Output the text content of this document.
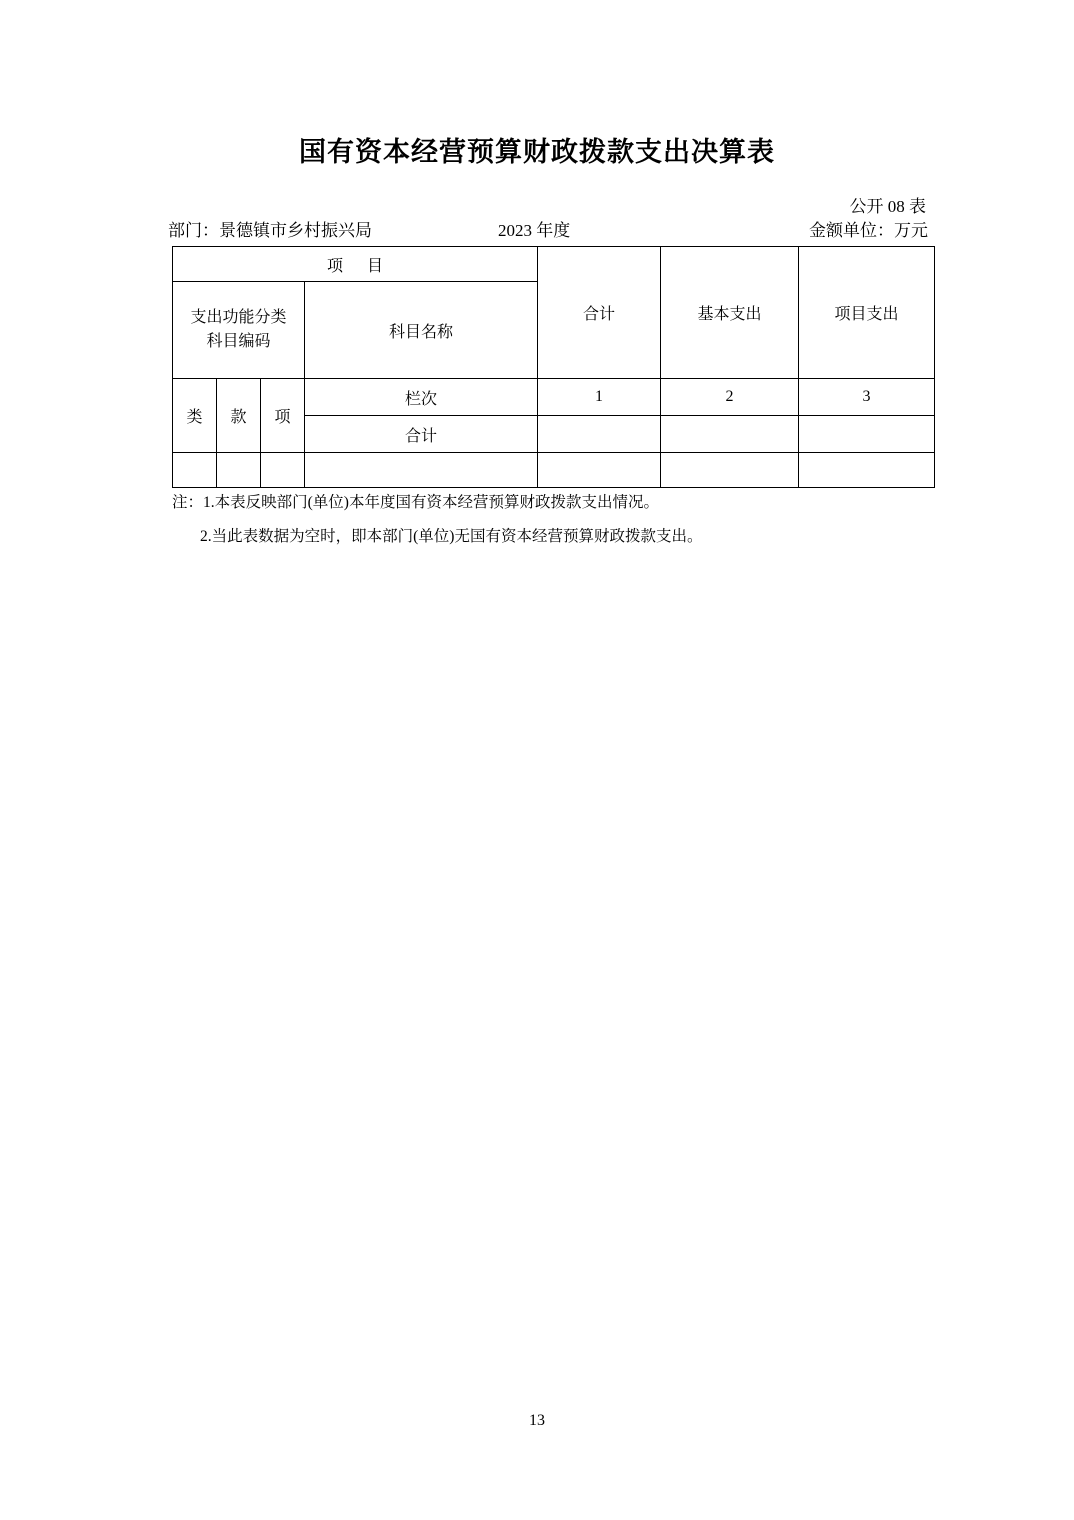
国有资本经营预算财政拨款支出决算表
公开 08 表
部门：景德镇市乡村振兴局	2023 年度	金额单位：万元
项 目				合计	基本支出	项目支出

支出功能分类
科目编码			科目名称			
类	款	项	栏次	1	2	3
			合计			

注：1.本表反映部门(单位)本年度国有资本经营预算财政拨款支出情况。
2.当此表数据为空时，即本部门(单位)无国有资本经营预算财政拨款支出。
13
